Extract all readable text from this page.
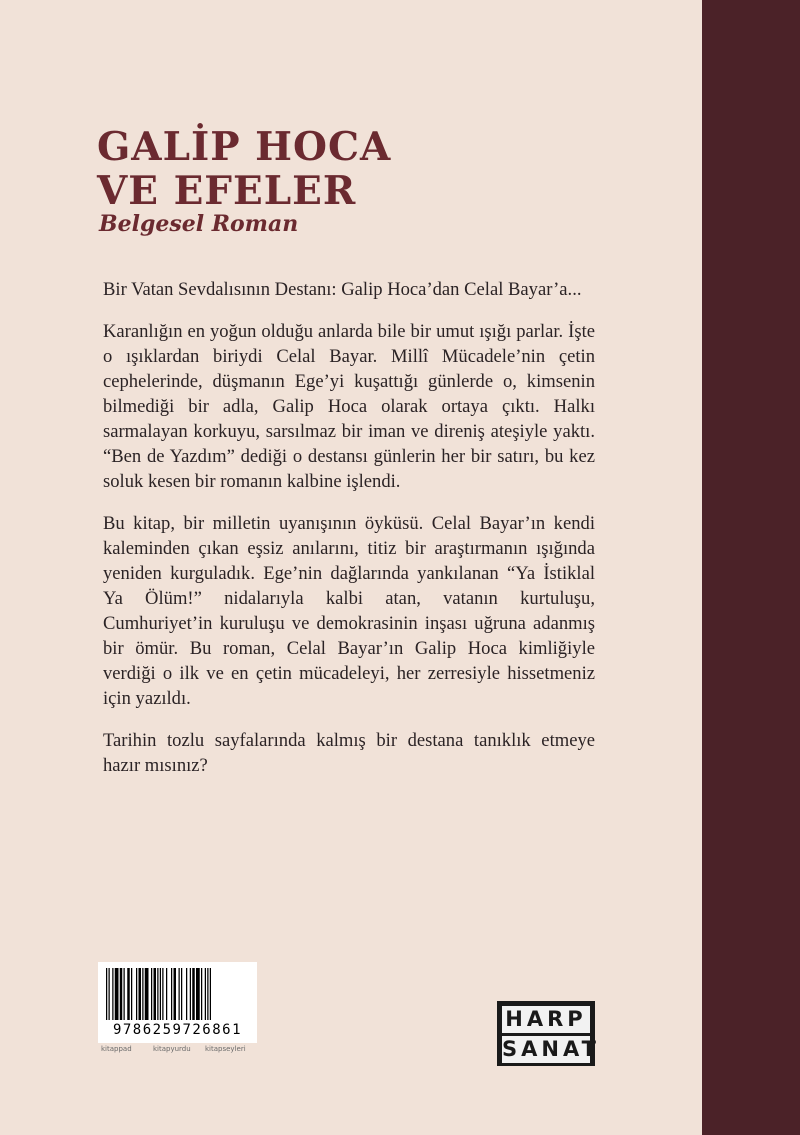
GALİP HOCA
VE EFELER
Belgesel Roman

Bir Vatan Sevdalısının Destanı: Galip Hoca’dan Celal Bayar’a...

Karanlığın en yoğun olduğu anlarda bile bir umut ışığı parlar. İşte o ışıklardan biriydi Celal Bayar. Millî Mücadele’nin çetin cephelerinde, düşmanın Ege’yi kuşattığı günlerde o, kimsenin bilmediği bir adla, Galip Hoca olarak ortaya çıktı. Halkı sarmalayan korkuyu, sarsılmaz bir iman ve direniş ateşiyle yaktı. “Ben de Yazdım” dediği o destansı günlerin her bir satırı, bu kez soluk kesen bir romanın kalbine işlendi.

Bu kitap, bir milletin uyanışının öyküsü. Celal Bayar’ın kendi kaleminden çıkan eşsiz anılarını, titiz bir araştırmanın ışığında yeniden kurguladık. Ege’nin dağlarında yankılanan “Ya İstiklal Ya Ölüm!” nidalarıyla kalbi atan, vatanın kurtuluşu, Cumhuriyet’in kuruluşu ve demokrasinin inşası uğruna adanmış bir ömür. Bu roman, Celal Bayar’ın Galip Hoca kimliğiyle verdiği o ilk ve en çetin mücadeleyi, her zerresiyle hissetmeniz için yazıldı.

Tarihin tozlu sayfalarında kalmış bir destana tanıklık etmeye hazır mısınız?

9786259726861
kitappad	kitapyurdu kitapseyleri
HARP
SANAT
